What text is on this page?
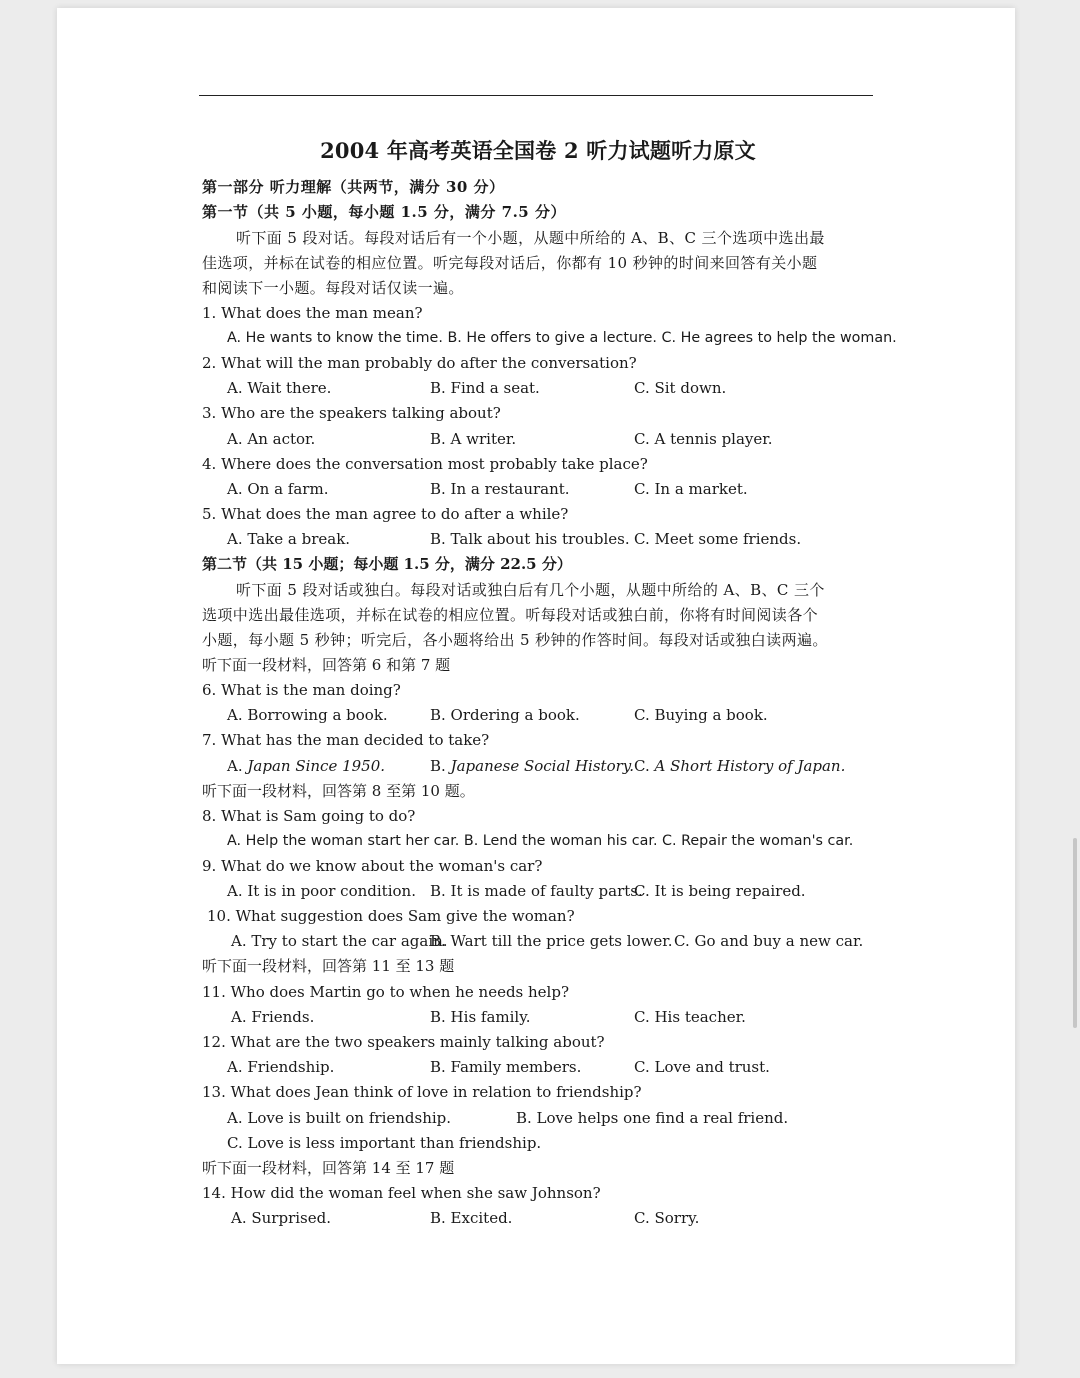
2004 年高考英语全国卷 2 听力试题听力原文
第一部分 听力理解（共两节，满分 30 分）
第一节（共 5 小题，每小题 1.5 分，满分 7.5 分）
听下面 5 段对话。每段对话后有一个小题，从题中所给的 A、B、C 三个选项中选出最
佳选项，并标在试卷的相应位置。听完每段对话后，你都有 10 秒钟的时间来回答有关小题
和阅读下一小题。每段对话仅读一遍。
1. What does the man mean?
A. He wants to know the time. B. He offers to give a lecture. C. He agrees to help the woman.
2. What will the man probably do after the conversation?
A. Wait there.	B. Find a seat.	C. Sit down.
3. Who are the speakers talking about?
A. An actor.	B. A writer.	C. A tennis player.
4. Where does the conversation most probably take place?
A. On a farm.	B. In a restaurant.	C. In a market.
5. What does the man agree to do after a while?
A. Take a break.	B. Talk about his troubles. C. Meet some friends.
第二节（共 15 小题；每小题 1.5 分，满分 22.5 分）
听下面 5 段对话或独白。每段对话或独白后有几个小题，从题中所给的 A、B、C 三个
选项中选出最佳选项，并标在试卷的相应位置。听每段对话或独白前，你将有时间阅读各个
小题，每小题 5 秒钟；听完后，各小题将给出 5 秒钟的作答时间。每段对话或独白读两遍。
听下面一段材料，回答第 6 和第 7 题
6. What is the man doing?
A. Borrowing a book.	B. Ordering a book.	C. Buying a book.
7. What has the man decided to take?
A. Japan Since 1950.	B. Japanese Social History. C. A Short History of Japan.
听下面一段材料，回答第 8 至第 10 题。
8. What is Sam going to do?
A. Help the woman start her car. B. Lend the woman his car. C. Repair the woman's car.
9. What do we know about the woman's car?
A. It is in poor condition. B. It is made of faulty parts.
C. It is being repaired.
10. What suggestion does Sam give the woman?
A. Try to start the car again.
B. Wart till the price gets lower. C. Go and buy a new car.
听下面一段材料，回答第 11 至 13 题
11. Who does Martin go to when he needs help?
A. Friends.	B. His family.	C. His teacher.
12. What are the two speakers mainly talking about?
A. Friendship.	B. Family members.	C. Love and trust.
13. What does Jean think of love in relation to friendship?
A. Love is built on friendship.	B. Love helps one find a real friend.
C. Love is less important than friendship.
听下面一段材料，回答第 14 至 17 题
14. How did the woman feel when she saw Johnson?
A. Surprised.	B. Excited.	C. Sorry.
